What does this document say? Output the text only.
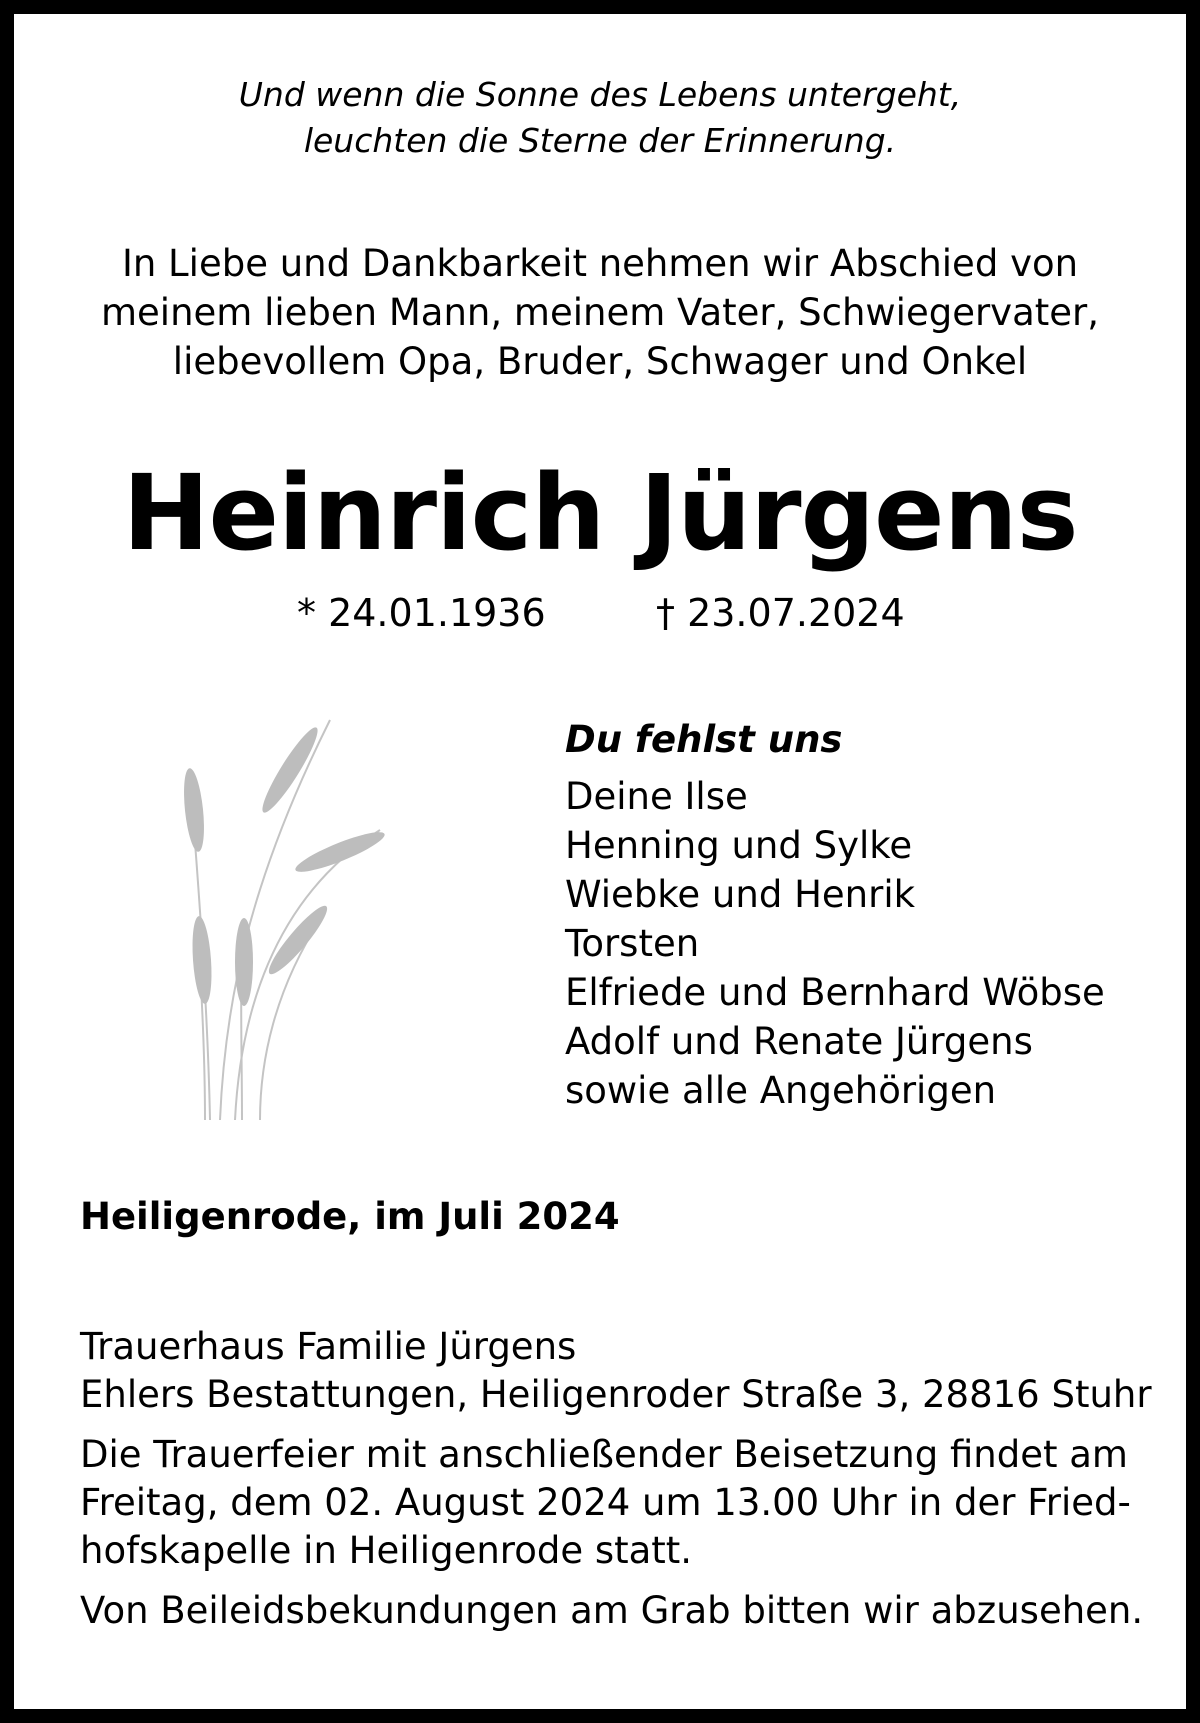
Und wenn die Sonne des Lebens untergeht,
leuchten die Sterne der Erinnerung.
In Liebe und Dankbarkeit nehmen wir Abschied von
meinem lieben Mann, meinem Vater, Schwiegervater,
liebevollem Opa, Bruder, Schwager und Onkel
Heinrich Jürgens
* 24.01.1936	† 23.07.2024
Du fehlst uns
Deine Ilse
Henning und Sylke
Wiebke und Henrik
Torsten
Elfriede und Bernhard Wöbse
Adolf und Renate Jürgens
sowie alle Angehörigen
Heiligenrode, im Juli 2024
Trauerhaus Familie Jürgens
Ehlers Bestattungen, Heiligenroder Straße 3, 28816 Stuhr
Die Trauerfeier mit anschließender Beisetzung findet am
Freitag, dem 02. August 2024 um 13.00 Uhr in der Fried-
hofskapelle in Heiligenrode statt.
Von Beileidsbekundungen am Grab bitten wir abzusehen.
